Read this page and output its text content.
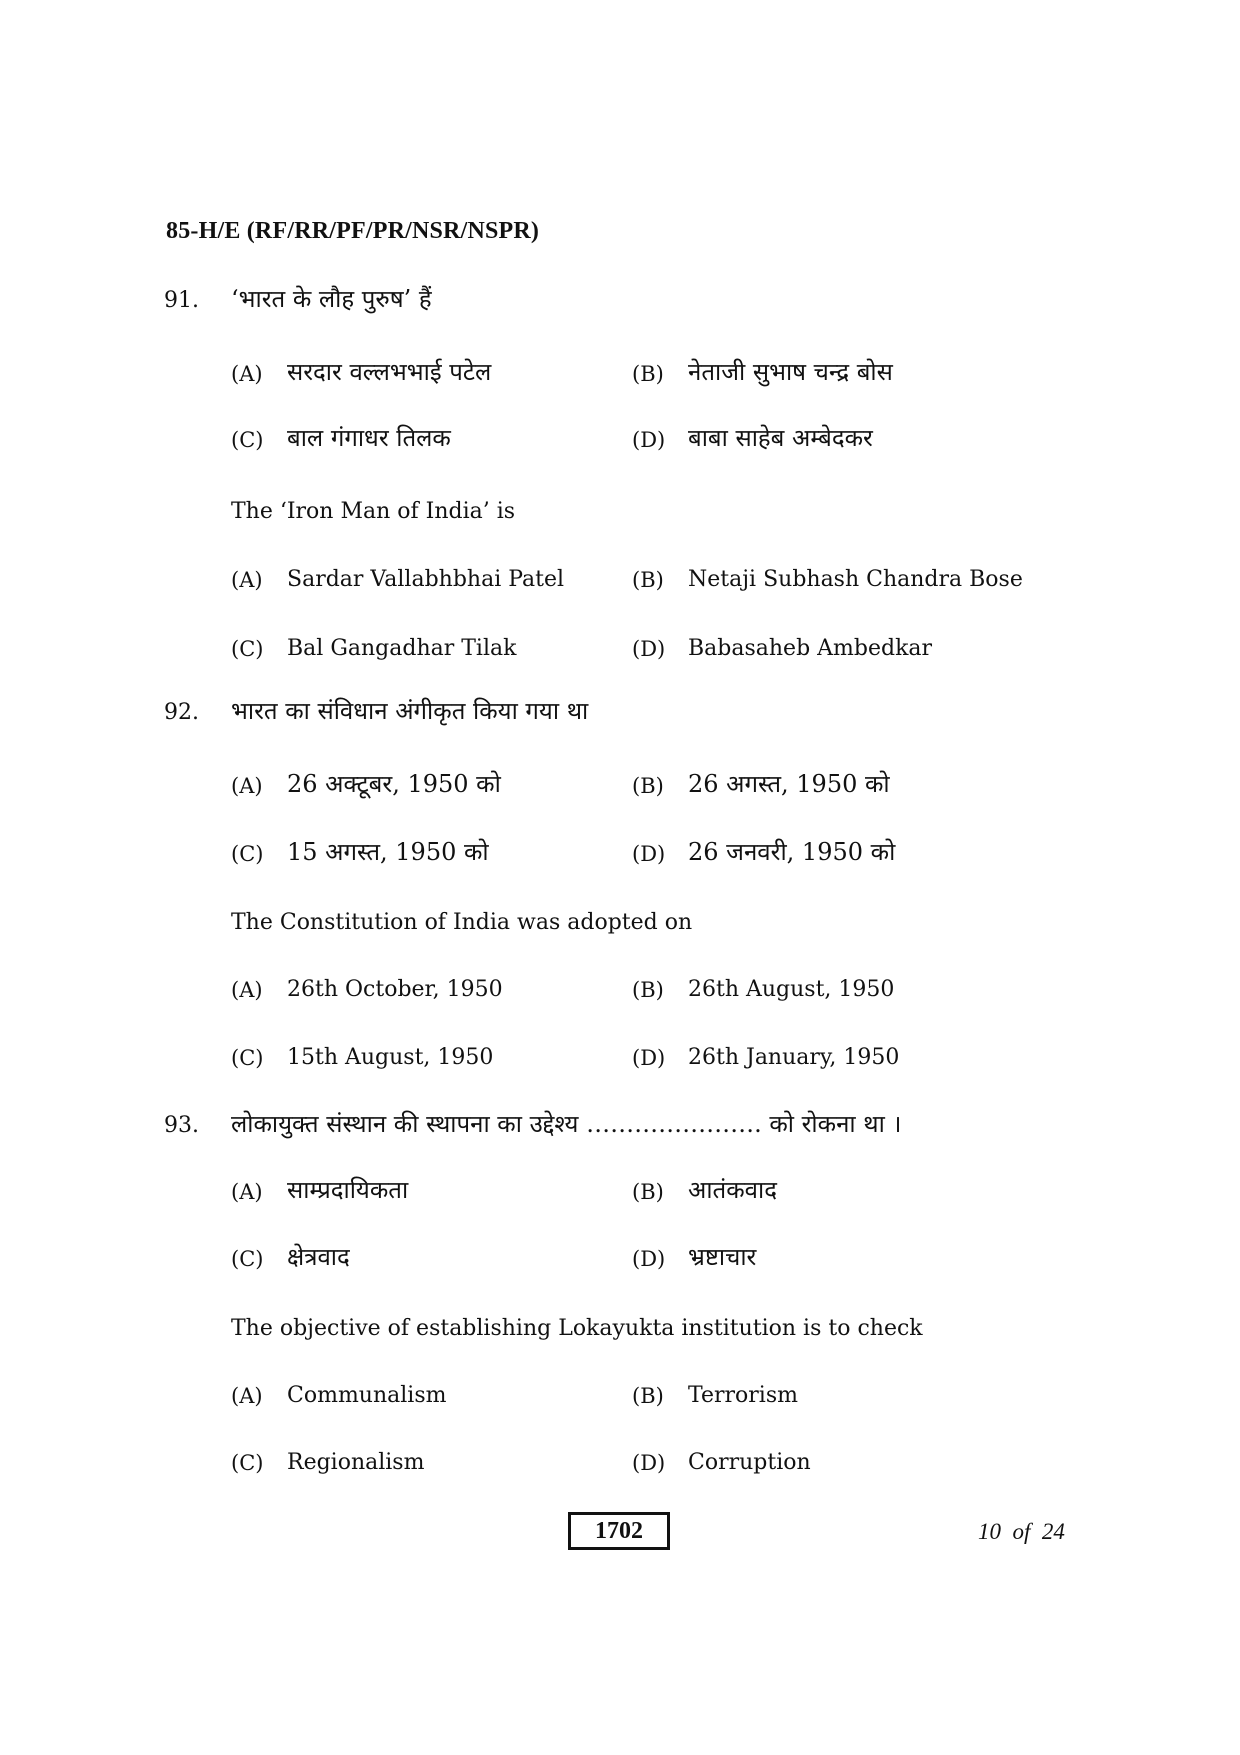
85-H/E (RF/RR/PF/PR/NSR/NSPR)
91. ‘भारत के लौह पुरुष’ हैं
(A)	सरदार वल्लभभाई पटेल	(B)	नेताजी सुभाष चन्द्र बोस
(C) बाल गंगाधर तिलक	(D) बाबा साहेब अम्बेदकर
The ‘Iron Man of India’ is
(A)	Sardar Vallabhbhai Patel	(B)	Netaji Subhash Chandra Bose
(C)	Bal Gangadhar Tilak	(D)	Babasaheb Ambedkar
92. भारत का संविधान अंगीकृत किया गया था
(A)	26 अक्टूबर, 1950 को	(B)	26 अगस्त, 1950 को
(C) 15 अगस्त, 1950 को	(D) 26 जनवरी, 1950 को
The Constitution of India was adopted on
(A)	26th October, 1950	(B)	26th August, 1950
(C)	15th August, 1950	(D)	26th January, 1950
93. लोकायुक्त संस्थान की स्थापना का उद्देश्य …………………. को रोकना था ।
(A)	साम्प्रदायिकता	(B)	आतंकवाद
(C) क्षेत्रवाद	(D) भ्रष्टाचार
The objective of establishing Lokayukta institution is to check
(A)	Communalism	(B)	Terrorism
(C)	Regionalism	(D)	Corruption
1702	10  of  24
